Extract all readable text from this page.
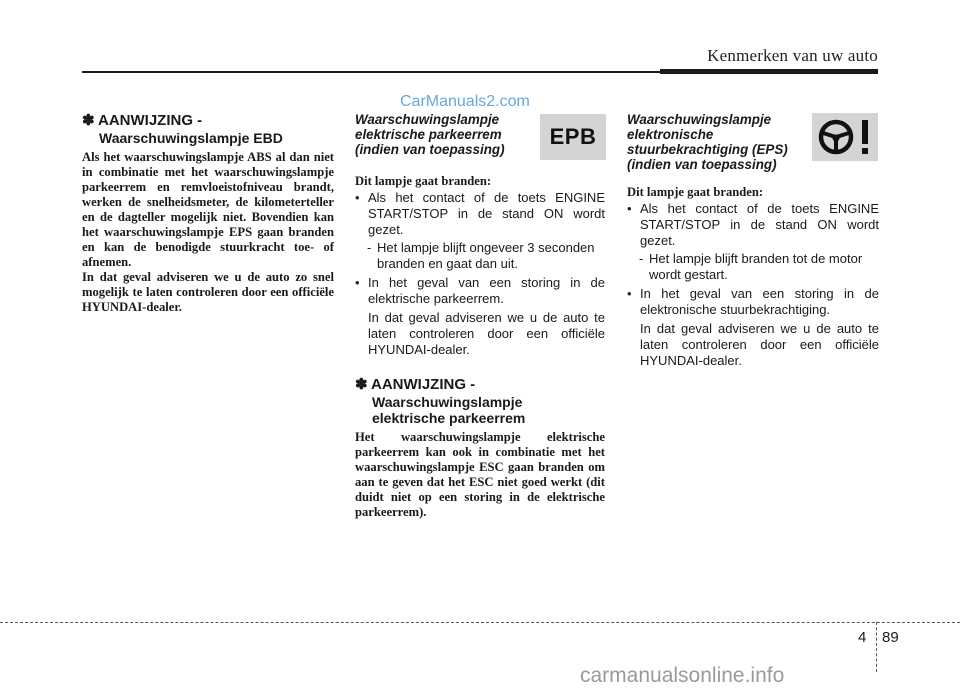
Kenmerken van uw auto
CarManuals2.com
✽ AANWIJZING -
Waarschuwingslampje EBD
Als het waarschuwingslampje ABS al dan niet in combinatie met het waarschuwingslampje parkeerrem en remvloeistofniveau brandt, werken de snelheidsmeter, de kilometerteller en de dagteller mogelijk niet. Bovendien kan het waarschuwingslampje EPS gaan branden en kan de benodigde stuurkracht toe- of afnemen.
In dat geval adviseren we u de auto zo snel mogelijk te laten controleren door een officiële HYUNDAI-dealer.
Waarschuwingslampje
elektrische parkeerrem
(indien van toepassing)
Dit lampje gaat branden:
• Als het contact of de toets ENGINE START/STOP in de stand ON wordt gezet.
- Het lampje blijft ongeveer 3 seconden branden en gaat dan uit.
• In het geval van een storing in de elektrische parkeerrem.
In dat geval adviseren we u de auto te laten controleren door een officiële HYUNDAI-dealer.
✽ AANWIJZING -
Waarschuwingslampje
elektrische parkeerrem
Het waarschuwingslampje elektrische parkeerrem kan ook in combinatie met het waarschuwingslampje ESC gaan branden om aan te geven dat het ESC niet goed werkt (dit duidt niet op een storing in de elektrische parkeerrem).
EPB
Waarschuwingslampje
elektronische
stuurbekrachtiging (EPS)
(indien van toepassing)
Dit lampje gaat branden:
• Als het contact of de toets ENGINE START/STOP in de stand ON wordt gezet.
- Het lampje blijft branden tot de motor wordt gestart.
• In het geval van een storing in de elektronische stuurbekrachtiging.
In dat geval adviseren we u de auto te laten controleren door een officiële HYUNDAI-dealer.
4 89
carmanualsonline.info
